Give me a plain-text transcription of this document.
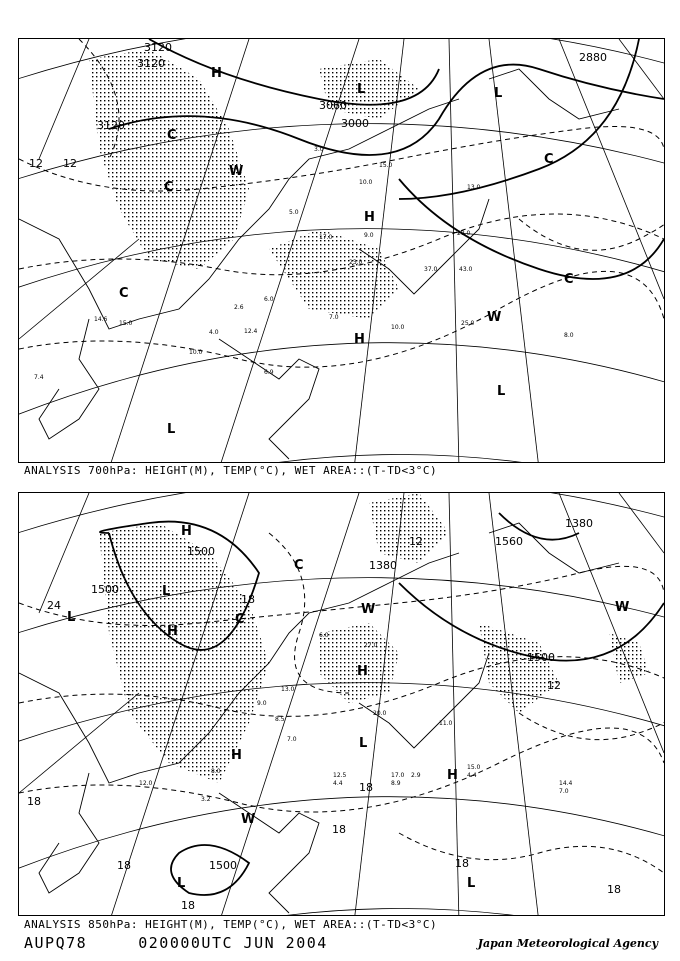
3120
3120
3120
3060
3000
2880
12 12
H
H
H
L	L
L
L
C
C
C
C
W
W
C
3.0
15.0
10.0
5.0
17.0
23.0
9.0
13.0
37.0	43.0
28.0
25.0
8.0
10.0
7.0
6.0
2.6
12.4
15.0
14.6
6.9
4.0
10.0
7.4
ANALYSIS 700hPa: HEIGHT(M), TEMP(°C), WET AREA::(T-TD<3°C)
1500
1500
1500
1380
1560
1380
1500
24
12
12
18
18
18
18
18
18
18
18
H
H
H
H
H
L
L
L
L
L
C
C
W	W
W
15.0
4.4
17.0
8.9
12.5
4.4
3.2
14.4
7.0
12.0
20.0
8.5
13.0
27.0
11.0
6.0
9.0
7.0
8.0
2.9
ANALYSIS 850hPa: HEIGHT(M), TEMP(°C), WET AREA::(T-TD<3°C)
AUPQ78	020000UTC JUN 2004	Japan Meteorological Agency
